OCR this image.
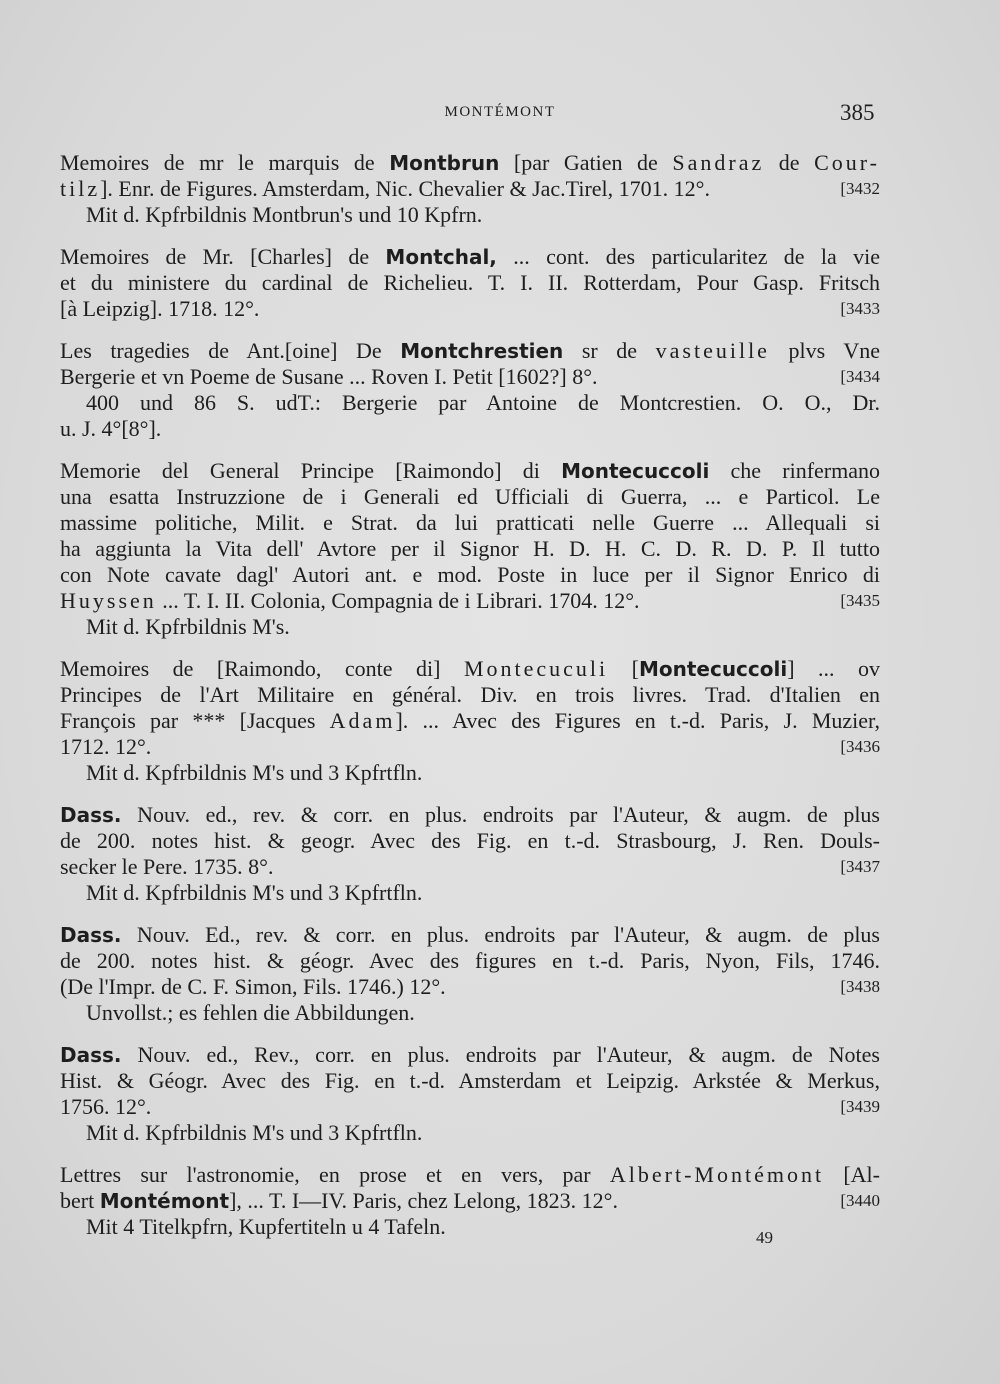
MONTÉMONT	385
Memoires de mr le marquis de Montbrun [par Gatien de Sandraz de Cour-
tilz]. Enr. de Figures. Amsterdam, Nic. Chevalier & Jac.Tirel, 1701. 12°.	[3432
Mit d. Kpfrbildnis Montbrun's und 10 Kpfrn.
Memoires de Mr. [Charles] de Montchal, ... cont. des particularitez de la vie
et du ministere du cardinal de Richelieu. T. I. II. Rotterdam, Pour Gasp. Fritsch
[à Leipzig]. 1718. 12°.	[3433
Les tragedies de Ant.[oine] De Montchrestien sr de vasteuille plvs Vne
Bergerie et vn Poeme de Susane ... Roven I. Petit [1602?] 8°.	[3434
400 und 86 S. udT.: Bergerie par Antoine de Montcrestien. O. O., Dr.
u. J. 4°[8°].
Memorie del General Principe [Raimondo] di Montecuccoli che rinfermano
una esatta Instruzzione de i Generali ed Ufficiali di Guerra, ... e Particol. Le
massime politiche, Milit. e Strat. da lui pratticati nelle Guerre ... Allequali si
ha aggiunta la Vita dell' Avtore per il Signor H. D. H. C. D. R. D. P. Il tutto
con Note cavate dagl' Autori ant. e mod. Poste in luce per il Signor Enrico di
Huyssen ... T. I. II. Colonia, Compagnia de i Librari. 1704. 12°.	[3435
Mit d. Kpfrbildnis M's.
Memoires de [Raimondo, conte di] Montecuculi [Montecuccoli] ... ov
Principes de l'Art Militaire en général. Div. en trois livres. Trad. d'Italien en
François par *** [Jacques Adam]. ... Avec des Figures en t.-d. Paris, J. Muzier,
1712. 12°.	[3436
Mit d. Kpfrbildnis M's und 3 Kpfrtfln.
Dass. Nouv. ed., rev. & corr. en plus. endroits par l'Auteur, & augm. de plus
de 200. notes hist. & geogr. Avec des Fig. en t.-d. Strasbourg, J. Ren. Douls-
secker le Pere. 1735. 8°.	[3437
Mit d. Kpfrbildnis M's und 3 Kpfrtfln.
Dass. Nouv. Ed., rev. & corr. en plus. endroits par l'Auteur, & augm. de plus
de 200. notes hist. & géogr. Avec des figures en t.-d. Paris, Nyon, Fils, 1746.
(De l'Impr. de C. F. Simon, Fils. 1746.) 12°.	[3438
Unvollst.; es fehlen die Abbildungen.
Dass. Nouv. ed., Rev., corr. en plus. endroits par l'Auteur, & augm. de Notes
Hist. & Géogr. Avec des Fig. en t.-d. Amsterdam et Leipzig. Arkstée & Merkus,
1756. 12°.	[3439
Mit d. Kpfrbildnis M's und 3 Kpfrtfln.
Lettres sur l'astronomie, en prose et en vers, par Albert-Montémont [Al-
bert Montémont], ... T. I—IV. Paris, chez Lelong, 1823. 12°.	[3440
Mit 4 Titelkpfrn, Kupfertiteln u 4 Tafeln.	49
